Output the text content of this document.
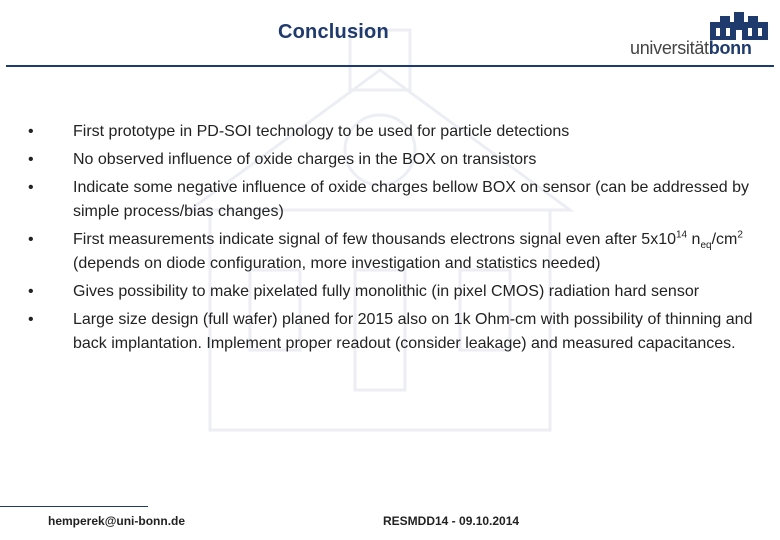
Conclusion
universitätbonn
• First prototype in PD-SOI technology to be used for particle detections
• No observed influence of oxide charges in the BOX on transistors
• Indicate some negative influence of oxide charges bellow BOX on sensor (can be addressed by simple process/bias changes)
• First measurements indicate signal of few thousands electrons signal even after $5x10^{14}$ $n_{eq}/cm^2$ (depends on diode configuration, more investigation and statistics needed)
• Gives possibility to make pixelated fully monolithic (in pixel CMOS) radiation hard sensor
• Large size design (full wafer) planed for 2015 also on 1k Ohm-cm with possibility of thinning and back implantation. Implement proper readout (consider leakage) and measured capacitances.
hemperek@uni-bonn.de	RESMDD14 - 09.10.2014
